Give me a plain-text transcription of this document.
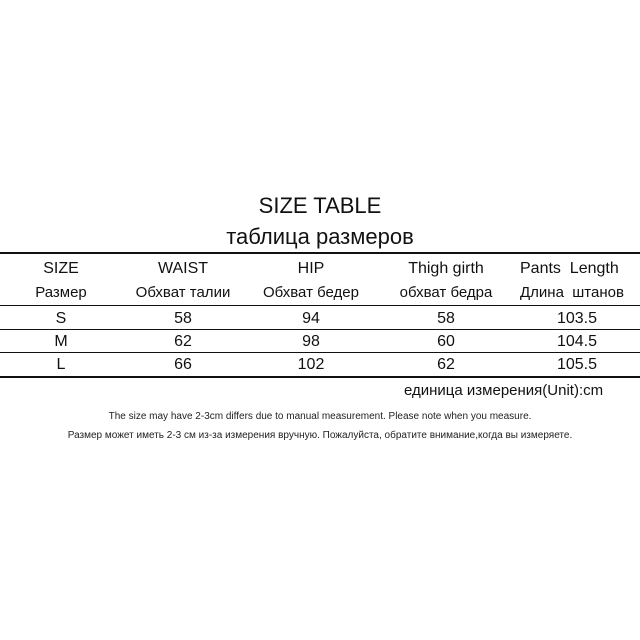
SIZE TABLE
таблица размеров
SIZE	WAIST	HIP	Thigh girth	Pants  Length
Размер	Обхват талии	Обхват бедер	обхват бедра	Длина  штанов
S	58	94	58	103.5
M	62	98	60	104.5
L	66	102	62	105.5
единица измерения(Unit):cm
The size may have 2-3cm differs due to manual measurement. Please note when you measure.
Размер может иметь 2-3 см из-за измерения вручную. Пожалуйста, обратите внимание,когда вы измеряете.
